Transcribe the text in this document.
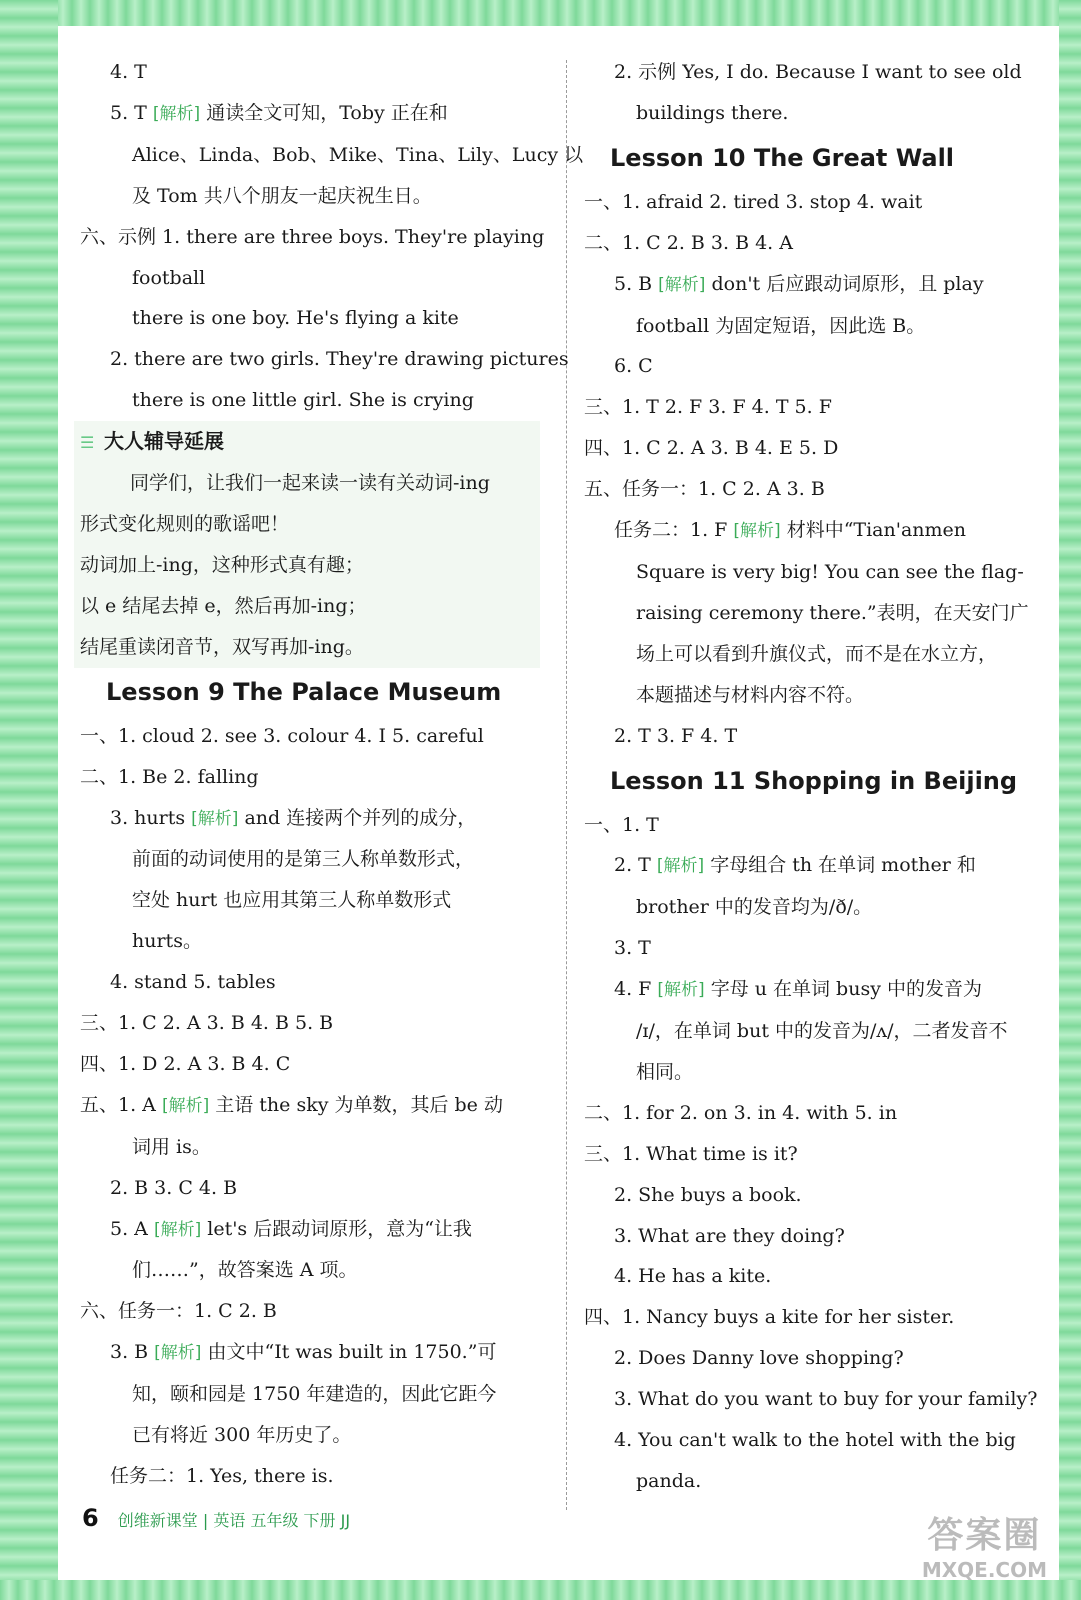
4. T
5. T [解析] 通读全文可知，Toby 正在和
Alice、Linda、Bob、Mike、Tina、Lily、Lucy 以
及 Tom 共八个朋友一起庆祝生日。
六、示例 1. there are three boys. They're playing
football
there is one boy. He's flying a kite
2. there are two girls. They're drawing pictures
there is one little girl. She is crying
☰ 大人辅导延展
同学们，让我们一起来读一读有关动词-ing
形式变化规则的歌谣吧！
动词加上-ing，这种形式真有趣；
以 e 结尾去掉 e，然后再加-ing；
结尾重读闭音节，双写再加-ing。
Lesson 9 The Palace Museum
一、1. cloud 2. see 3. colour 4. I 5. careful
二、1. Be 2. falling
3. hurts [解析] and 连接两个并列的成分，
前面的动词使用的是第三人称单数形式，
空处 hurt 也应用其第三人称单数形式
hurts。
4. stand 5. tables
三、1. C 2. A 3. B 4. B 5. B
四、1. D 2. A 3. B 4. C
五、1. A [解析] 主语 the sky 为单数，其后 be 动
词用 is。
2. B 3. C 4. B
5. A [解析] let's 后跟动词原形，意为“让我
们……”，故答案选 A 项。
六、任务一：1. C 2. B
3. B [解析] 由文中“It was built in 1750.”可
知，颐和园是 1750 年建造的，因此它距今
已有将近 300 年历史了。
任务二：1. Yes, there is.
2. 示例 Yes, I do. Because I want to see old
buildings there.
Lesson 10 The Great Wall
一、1. afraid 2. tired 3. stop 4. wait
二、1. C 2. B 3. B 4. A
5. B [解析] don't 后应跟动词原形，且 play
football 为固定短语，因此选 B。
6. C
三、1. T 2. F 3. F 4. T 5. F
四、1. C 2. A 3. B 4. E 5. D
五、任务一：1. C 2. A 3. B
任务二：1. F [解析] 材料中“Tian'anmen
Square is very big! You can see the flag-
raising ceremony there.”表明，在天安门广
场上可以看到升旗仪式，而不是在水立方，
本题描述与材料内容不符。
2. T 3. F 4. T
Lesson 11 Shopping in Beijing
一、1. T
2. T [解析] 字母组合 th 在单词 mother 和
brother 中的发音均为/ð/。
3. T
4. F [解析] 字母 u 在单词 busy 中的发音为
/ɪ/，在单词 but 中的发音为/ʌ/，二者发音不
相同。
二、1. for 2. on 3. in 4. with 5. in
三、1. What time is it?
2. She buys a book.
3. What are they doing?
4. He has a kite.
四、1. Nancy buys a kite for her sister.
2. Does Danny love shopping?
3. What do you want to buy for your family?
4. You can't walk to the hotel with the big
panda.
6 创维新课堂 | 英语 五年级 下册 JJ	答案圈
MXQE.COM
